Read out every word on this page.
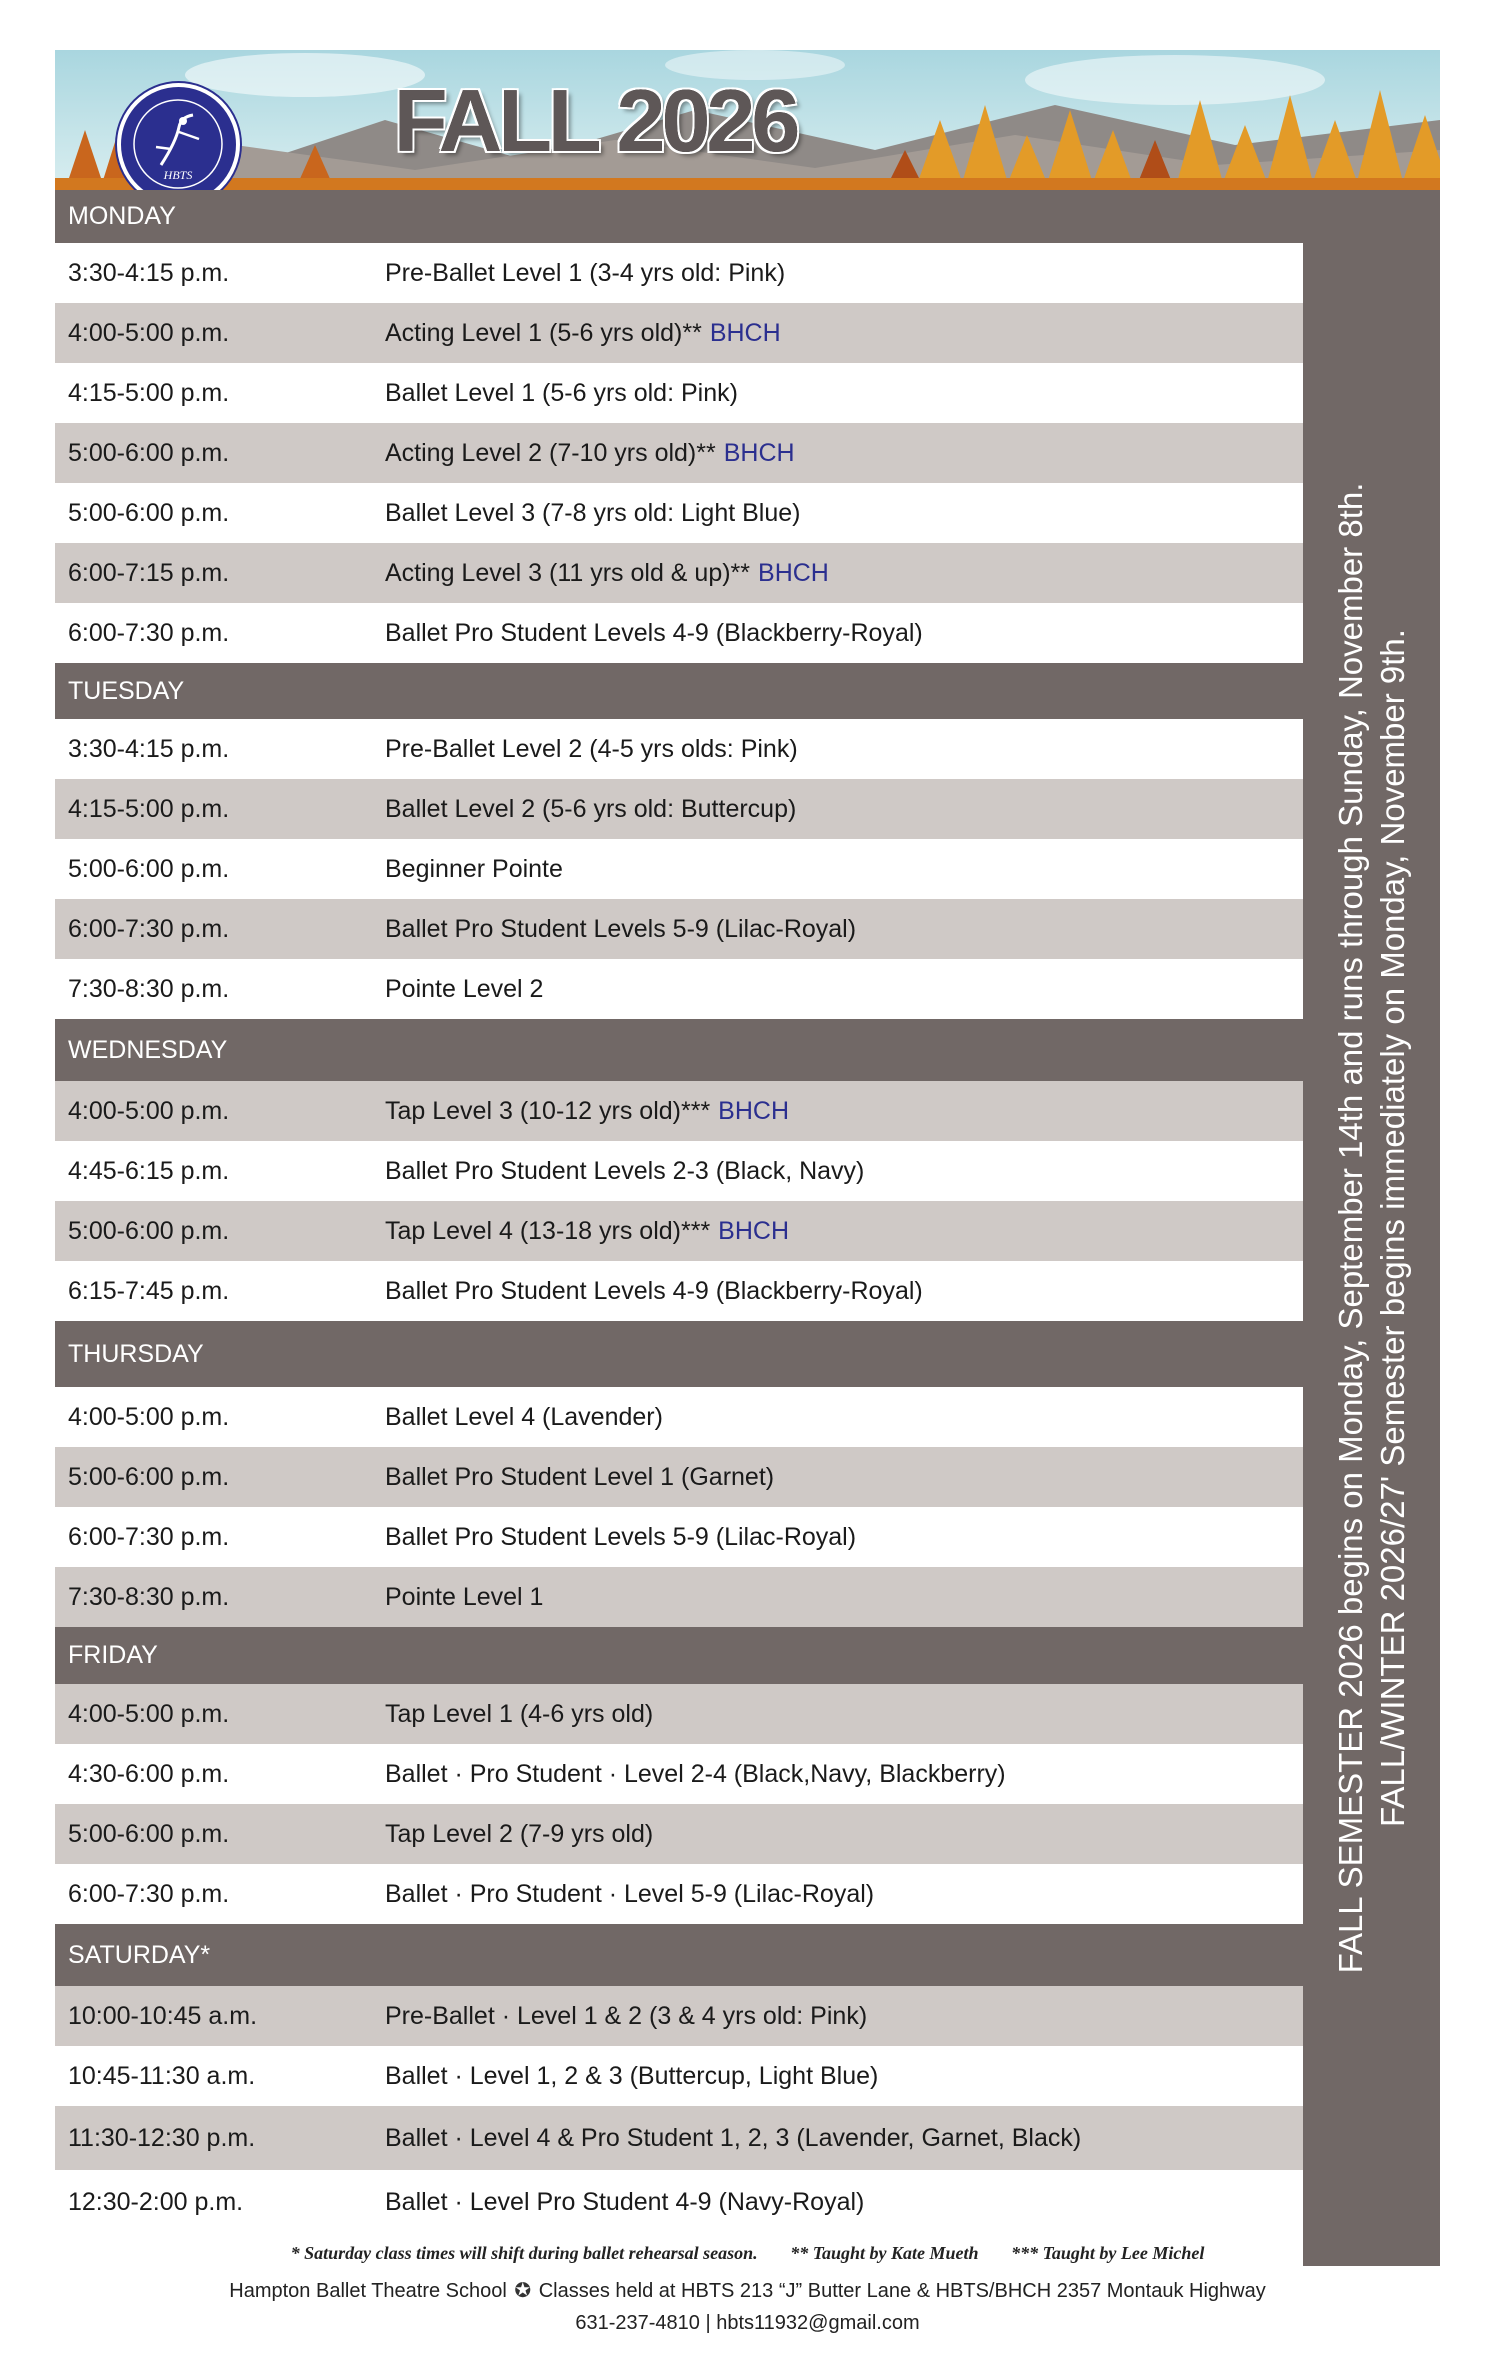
FALL 2026
HBTS
FALL SEMESTER 2026 begins on Monday, September 14th and runs through Sunday, November 8th. FALL/WINTER 2026/27' Semester begins immediately on Monday, November 9th.
MONDAY
3:30-4:15 p.m.	Pre-Ballet Level 1 (3-4 yrs old: Pink)
4:00-5:00 p.m.	Acting Level 1 (5-6 yrs old)** BHCH
4:15-5:00 p.m.	Ballet Level 1 (5-6 yrs old: Pink)
5:00-6:00 p.m.	Acting Level 2 (7-10 yrs old)** BHCH
5:00-6:00 p.m.	Ballet Level 3 (7-8 yrs old: Light Blue)
6:00-7:15 p.m.	Acting Level 3 (11 yrs old & up)** BHCH
6:00-7:30 p.m.	Ballet Pro Student Levels 4-9 (Blackberry-Royal)
TUESDAY
3:30-4:15 p.m.	Pre-Ballet Level 2 (4-5 yrs olds: Pink)
4:15-5:00 p.m.	Ballet Level 2 (5-6 yrs old: Buttercup)
5:00-6:00 p.m.	Beginner Pointe
6:00-7:30 p.m.	Ballet Pro Student Levels 5-9 (Lilac-Royal)
7:30-8:30 p.m.	Pointe Level 2
WEDNESDAY
4:00-5:00 p.m.	Tap Level 3 (10-12 yrs old)*** BHCH
4:45-6:15 p.m.	Ballet Pro Student Levels 2-3 (Black, Navy)
5:00-6:00 p.m.	Tap Level 4 (13-18 yrs old)*** BHCH
6:15-7:45 p.m.	Ballet Pro Student Levels 4-9 (Blackberry-Royal)
THURSDAY
4:00-5:00 p.m.	Ballet Level 4 (Lavender)
5:00-6:00 p.m.	Ballet Pro Student Level 1 (Garnet)
6:00-7:30 p.m.	Ballet Pro Student Levels 5-9 (Lilac-Royal)
7:30-8:30 p.m.	Pointe Level 1
FRIDAY
4:00-5:00 p.m.	Tap Level 1 (4-6 yrs old)
4:30-6:00 p.m.	Ballet · Pro Student · Level 2-4 (Black,Navy, Blackberry)
5:00-6:00 p.m.	Tap Level 2 (7-9 yrs old)
6:00-7:30 p.m.	Ballet · Pro Student · Level 5-9 (Lilac-Royal)
SATURDAY*
10:00-10:45 a.m.	Pre-Ballet · Level 1 & 2 (3 & 4 yrs old: Pink)
10:45-11:30 a.m.	Ballet · Level 1, 2 & 3 (Buttercup, Light Blue)
11:30-12:30 p.m.	Ballet · Level 4 & Pro Student 1, 2, 3 (Lavender, Garnet, Black)
12:30-2:00 p.m.	Ballet · Level Pro Student 4-9 (Navy-Royal)
* Saturday class times will shift during ballet rehearsal season. ** Taught by Kate Mueth *** Taught by Lee Michel
Hampton Ballet Theatre School ✪ Classes held at HBTS 213 “J” Butter Lane & HBTS/BHCH 2357 Montauk Highway
631-237-4810 | hbts11932@gmail.com
